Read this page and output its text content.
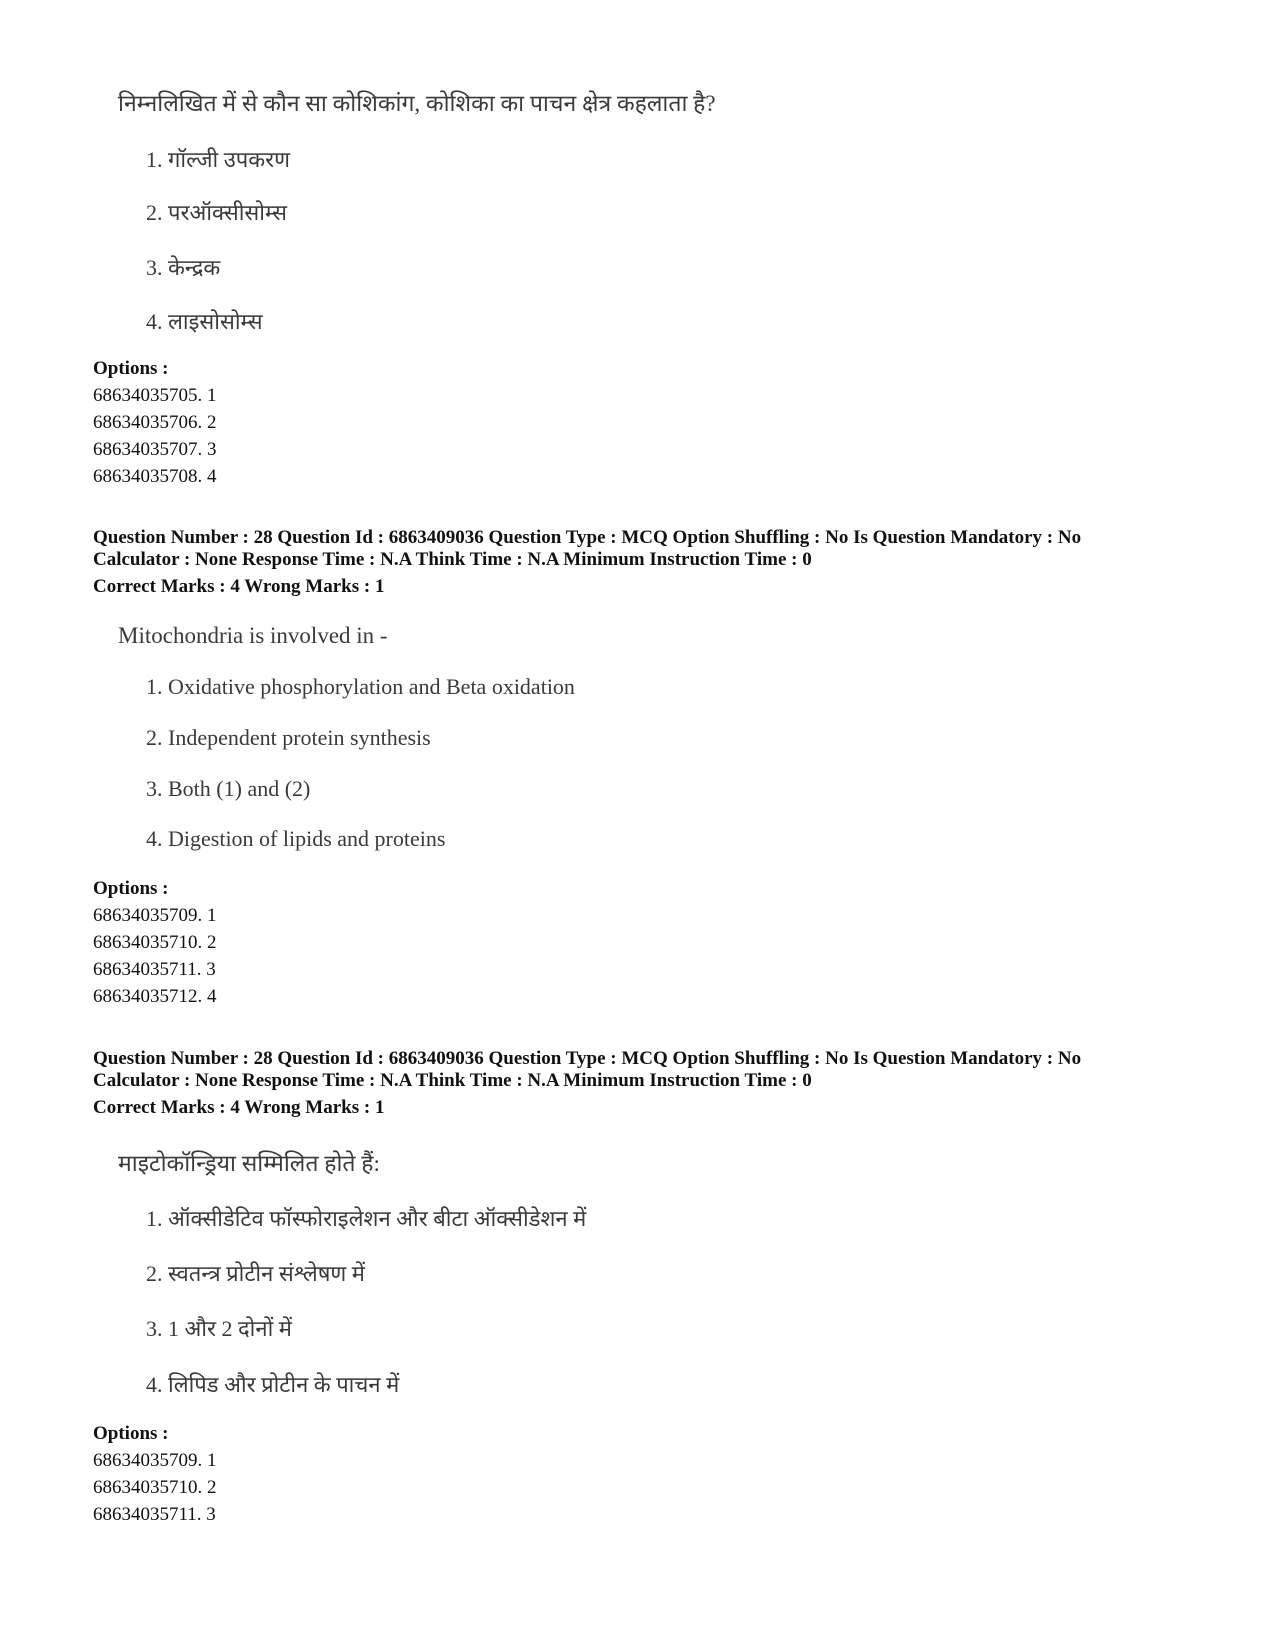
निम्नलिखित में से कौन सा कोशिकांग, कोशिका का पाचन क्षेत्र कहलाता है?
1. गॉल्जी उपकरण
2. परऑक्सीसोम्स
3. केन्द्रक
4. लाइसोसोम्स
Options :
68634035705. 1
68634035706. 2
68634035707. 3
68634035708. 4
Question Number : 28 Question Id : 6863409036 Question Type : MCQ Option Shuffling : No Is Question Mandatory : No
Calculator : None Response Time : N.A Think Time : N.A Minimum Instruction Time : 0
Correct Marks : 4 Wrong Marks : 1
Mitochondria is involved in -
1. Oxidative phosphorylation and Beta oxidation
2. Independent protein synthesis
3. Both (1) and (2)
4. Digestion of lipids and proteins
Options :
68634035709. 1
68634035710. 2
68634035711. 3
68634035712. 4
Question Number : 28 Question Id : 6863409036 Question Type : MCQ Option Shuffling : No Is Question Mandatory : No
Calculator : None Response Time : N.A Think Time : N.A Minimum Instruction Time : 0
Correct Marks : 4 Wrong Marks : 1
माइटोकॉन्ड्रिया सम्मिलित होते हैं:
1. ऑक्सीडेटिव फॉस्फोराइलेशन और बीटा ऑक्सीडेशन में
2. स्वतन्त्र प्रोटीन संश्लेषण में
3. 1 और 2 दोनों में
4. लिपिड और प्रोटीन के पाचन में
Options :
68634035709. 1
68634035710. 2
68634035711. 3
